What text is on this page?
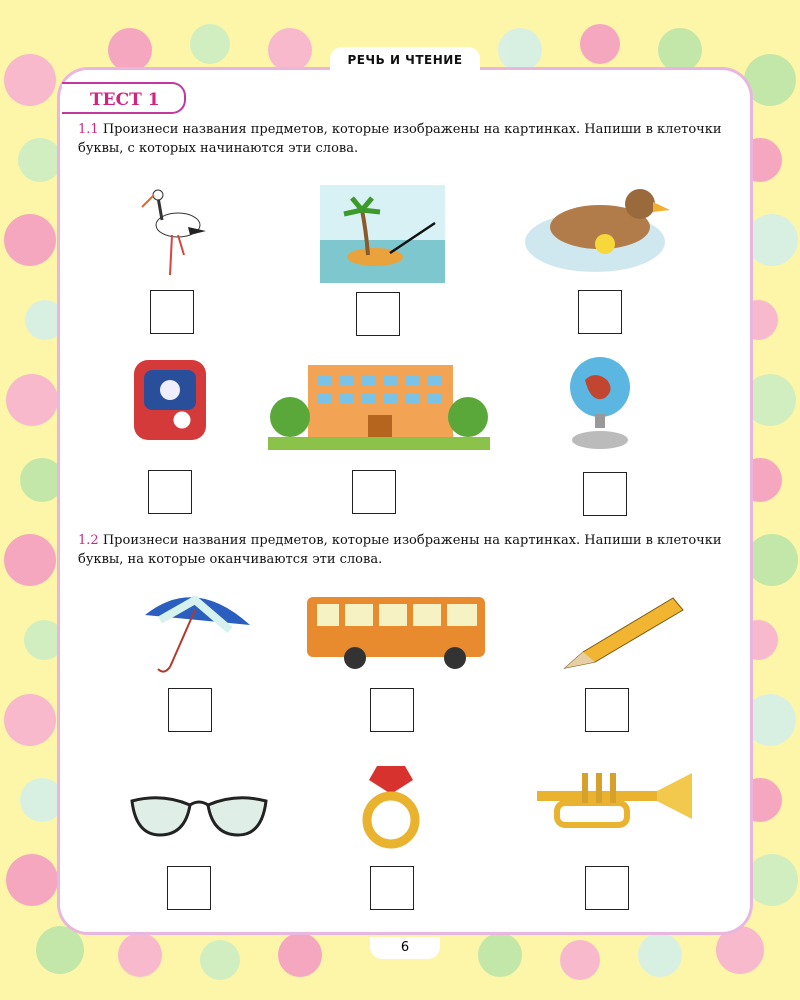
РЕЧЬ И ЧТЕНИЕ
ТЕСТ 1
1.1 Произнеси названия предметов, которые изображены на картинках. Напиши в клеточки буквы, с которых начинаются эти слова.
1.2 Произнеси названия предметов, которые изображены на картинках. Напиши в клеточки буквы, на которые оканчиваются эти слова.
6
